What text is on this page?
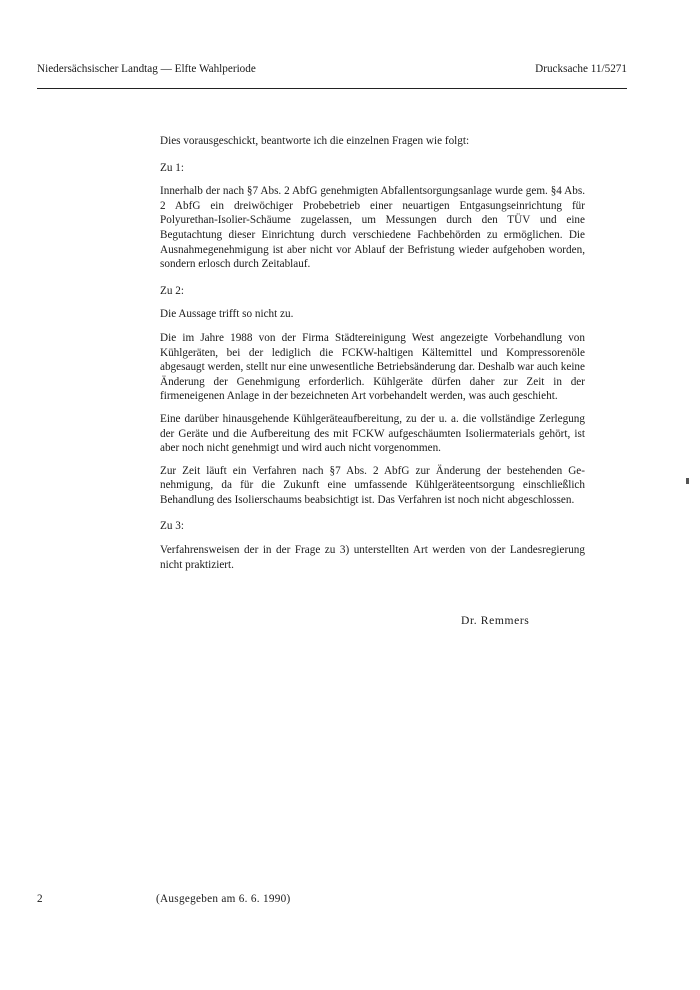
Niedersächsischer Landtag — Elfte Wahlperiode	Drucksache 11/5271

Dies vorausgeschickt, beantworte ich die einzelnen Fragen wie folgt:

Zu 1:

Innerhalb der nach §7 Abs. 2 AbfG genehmigten Abfallentsorgungsanlage wurde gem. §4 Abs. 2 AbfG ein dreiwöchiger Probebetrieb einer neuartigen Entgasungseinrichtung für Polyurethan-Isolier-Schäume zugelassen, um Messungen durch den TÜV und eine Begutachtung dieser Einrichtung durch verschiedene Fachbehörden zu ermöglichen. Die Ausnahmegenehmigung ist aber nicht vor Ablauf der Befristung wieder aufgehoben worden, sondern erlosch durch Zeitablauf.

Zu 2:

Die Aussage trifft so nicht zu.

Die im Jahre 1988 von der Firma Städtereinigung West angezeigte Vorbehandlung von Kühlgeräten, bei der lediglich die FCKW-haltigen Kältemittel und Kompressorenöle abgesaugt werden, stellt nur eine unwesentliche Betriebsänderung dar. Deshalb war auch keine Änderung der Genehmigung erforderlich. Kühlgeräte dürfen daher zur Zeit in der firmeneigenen Anlage in der bezeichneten Art vorbehandelt werden, was auch geschieht.

Eine darüber hinausgehende Kühlgeräteaufbereitung, zu der u. a. die vollständige Zerlegung der Geräte und die Aufbereitung des mit FCKW aufgeschäumten Isoliermaterials gehört, ist aber noch nicht genehmigt und wird auch nicht vorgenommen.

Zur Zeit läuft ein Verfahren nach §7 Abs. 2 AbfG zur Änderung der bestehenden Genehmigung, da für die Zukunft eine umfassende Kühlgeräteentsorgung einschließlich Behandlung des Isolierschaums beabsichtigt ist. Das Verfahren ist noch nicht abgeschlossen.

Zu 3:

Verfahrensweisen der in der Frage zu 3) unterstellten Art werden von der Landesregierung nicht praktiziert.

Dr. Remmers
2	(Ausgegeben am 6. 6. 1990)
